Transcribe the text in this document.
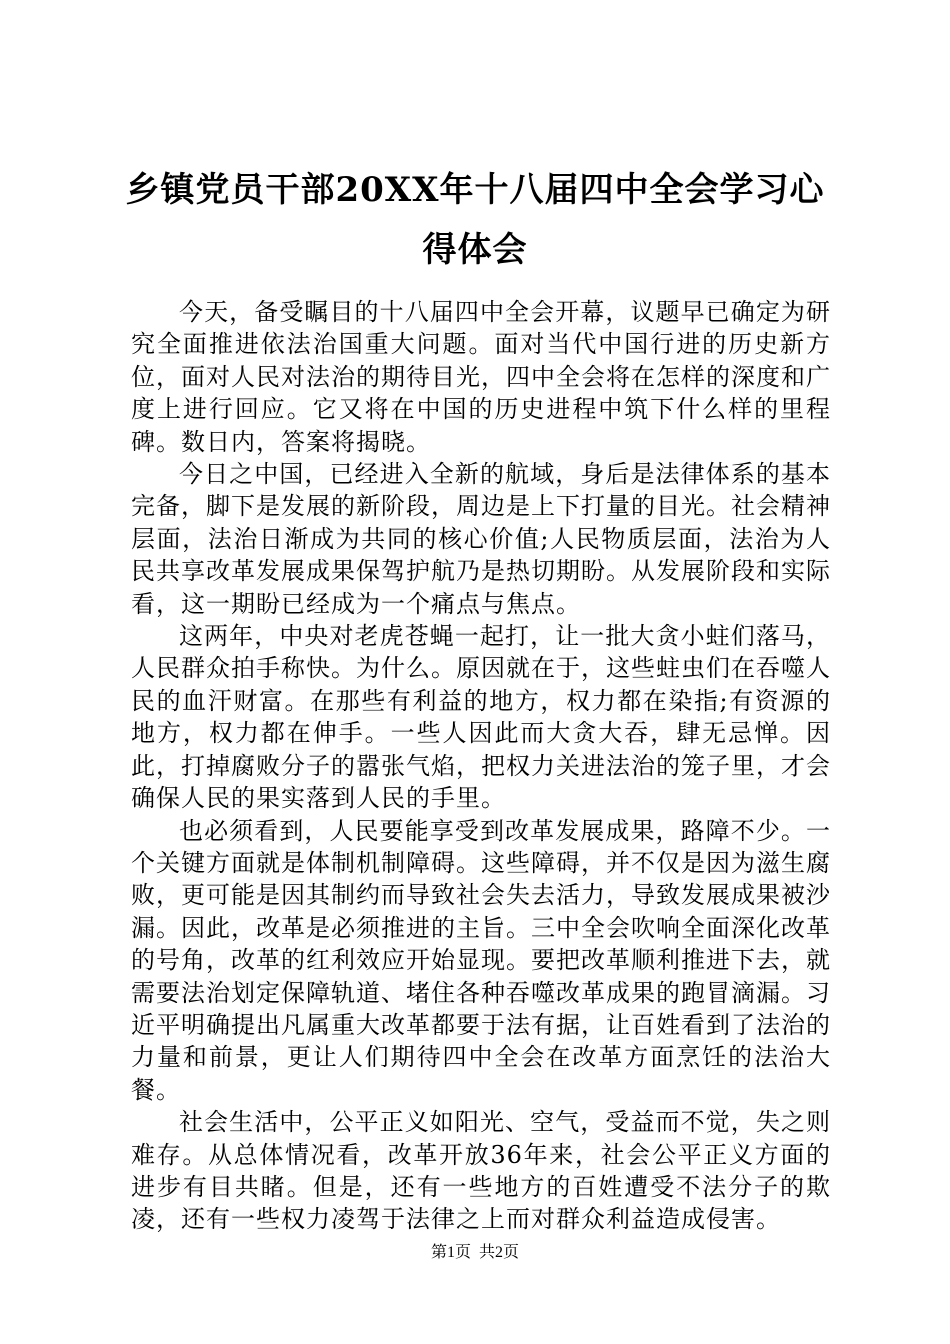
乡镇党员干部20XX年十八届四中全会学习心得体会

今天，备受瞩目的十八届四中全会开幕，议题早已确定为研究全面推进依法治国重大问题。面对当代中国行进的历史新方位，面对人民对法治的期待目光，四中全会将在怎样的深度和广度上进行回应。它又将在中国的历史进程中筑下什么样的里程碑。数日内，答案将揭晓。

今日之中国，已经进入全新的航域，身后是法律体系的基本完备，脚下是发展的新阶段，周边是上下打量的目光。社会精神层面，法治日渐成为共同的核心价值;人民物质层面，法治为人民共享改革发展成果保驾护航乃是热切期盼。从发展阶段和实际看，这一期盼已经成为一个痛点与焦点。

这两年，中央对老虎苍蝇一起打，让一批大贪小蛀们落马，人民群众拍手称快。为什么。原因就在于，这些蛀虫们在吞噬人民的血汗财富。在那些有利益的地方，权力都在染指;有资源的地方，权力都在伸手。一些人因此而大贪大吞，肆无忌惮。因此，打掉腐败分子的嚣张气焰，把权力关进法治的笼子里，才会确保人民的果实落到人民的手里。

也必须看到，人民要能享受到改革发展成果，路障不少。一个关键方面就是体制机制障碍。这些障碍，并不仅是因为滋生腐败，更可能是因其制约而导致社会失去活力，导致发展成果被沙漏。因此，改革是必须推进的主旨。三中全会吹响全面深化改革的号角，改革的红利效应开始显现。要把改革顺利推进下去，就需要法治划定保障轨道、堵住各种吞噬改革成果的跑冒滴漏。习近平明确提出凡属重大改革都要于法有据，让百姓看到了法治的力量和前景，更让人们期待四中全会在改革方面烹饪的法治大餐。

社会生活中，公平正义如阳光、空气，受益而不觉，失之则难存。从总体情况看，改革开放36年来，社会公平正义方面的进步有目共睹。但是，还有一些地方的百姓遭受不法分子的欺凌，还有一些权力凌驾于法律之上而对群众利益造成侵害。

第1页 共2页
